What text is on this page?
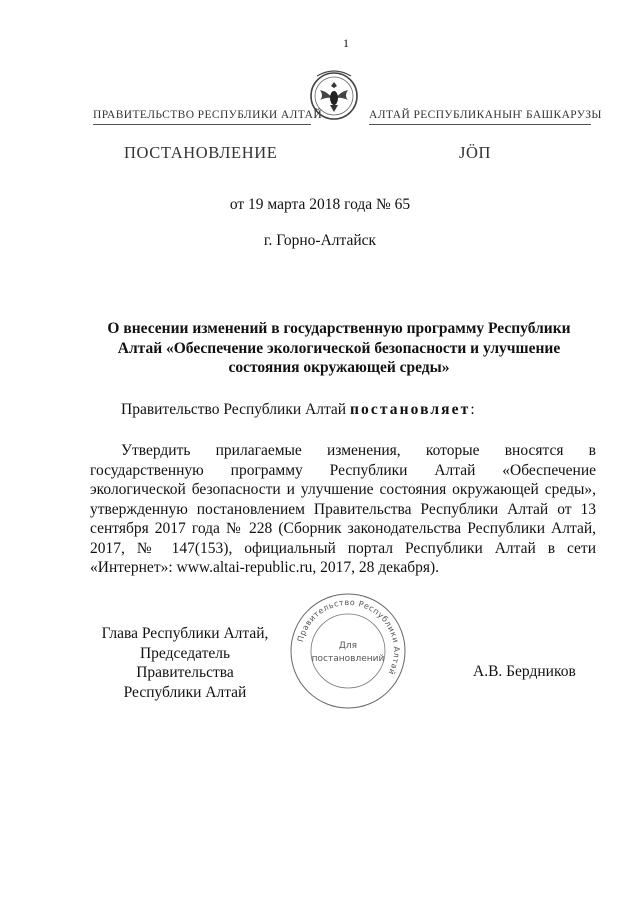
1
ПРАВИТЕЛЬСТВО РЕСПУБЛИКИ АЛТАЙ	АЛТАЙ РЕСПУБЛИКАНЫҤ БАШКАРУЗЫ
ПОСТАНОВЛЕНИЕ	ЈӦП
от 19 марта 2018 года № 65
г. Горно-Алтайск
О внесении изменений в государственную программу Республики Алтай «Обеспечение экологической безопасности и улучшение состояния окружающей среды»
Правительство Республики Алтай постановляет:
Утвердить прилагаемые изменения, которые вносятся в государственную программу Республики Алтай «Обеспечение экологической безопасности и улучшение состояния окружающей среды», утвержденную постановлением Правительства Республики Алтай от 13 сентября 2017 года № 228 (Сборник законодательства Республики Алтай, 2017, № 147(153), официальный портал Республики Алтай в сети «Интернет»: www.altai-republic.ru, 2017, 28 декабря).
Глава Республики Алтай,
Председатель Правительства
Республики Алтай
Правительство Республики Алтай
Для
постановлений
А.В. Бердников
